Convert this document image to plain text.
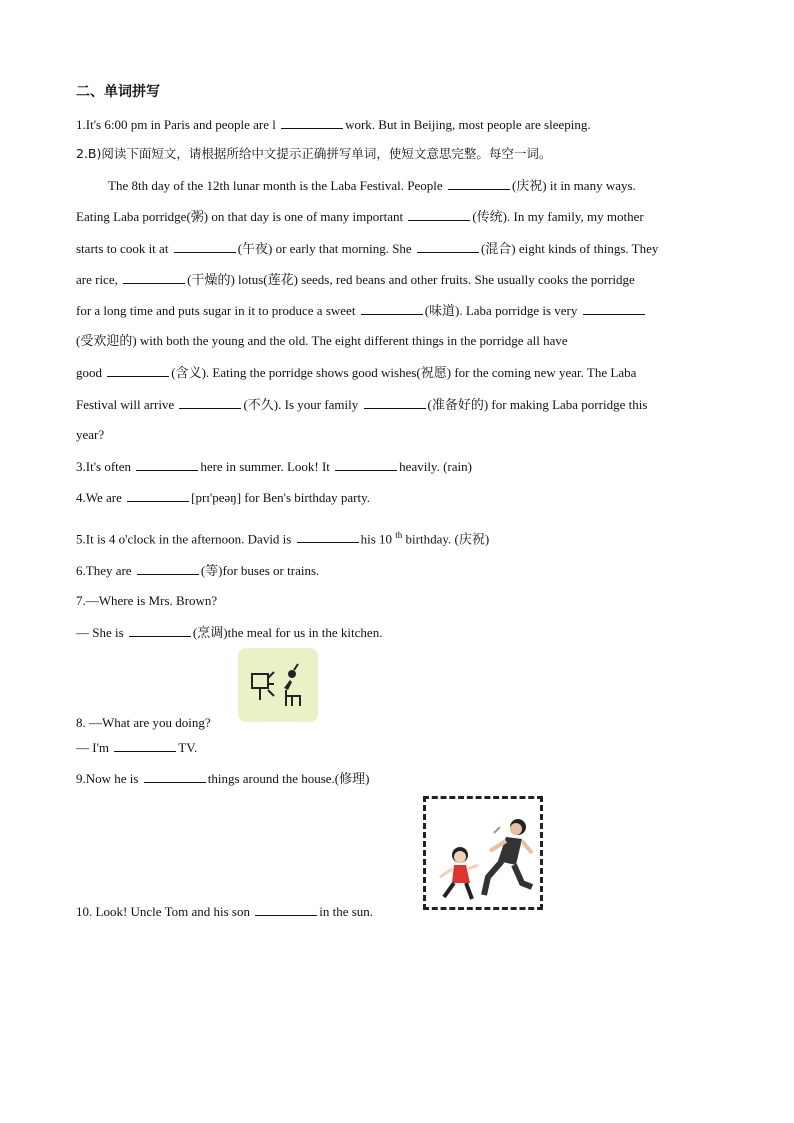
二、单词拼写
1.It's 6:00 pm in Paris and people are l	work. But in Beijing, most people are sleeping.
2.B)阅读下面短文，请根据所给中文提示正确拼写单词，使短文意思完整。每空一词。
The 8th day of the 12th lunar month is the Laba Festival. People	(庆祝) it in many ways.
Eating Laba porridge(粥) on that day is one of many important	(传统). In my family, my mother
starts to cook it at	(午夜) or early that morning. She	(混合) eight kinds of things. They
are rice,	(干燥的) lotus(莲花) seeds, red beans and other fruits. She usually cooks the porridge
for a long time and puts sugar in it to produce a sweet	(味道). Laba porridge is very
(受欢迎的) with both the young and the old. The eight different things in the porridge all have
good	(含义). Eating the porridge shows good wishes(祝愿) for the coming new year. The Laba
Festival will arrive	(不久). Is your family	(准备好的) for making Laba porridge this
year?
3.It's often	here in summer. Look! It	heavily. (rain)
4.We are	[prɪ'peəŋ] for Ben's birthday party.
5.It is 4 o'clock in the afternoon. David is	his 10 $^{th}$ birthday. (庆祝)
6.They are	(等)for buses or trains.
7.—Where is Mrs. Brown?
— She is	(烹调)the meal for us in the kitchen.
8. —What are you doing?
— I'm	TV.
9.Now he is	things around the house.(修理)
10. Look! Uncle Tom and his son	in the sun.
